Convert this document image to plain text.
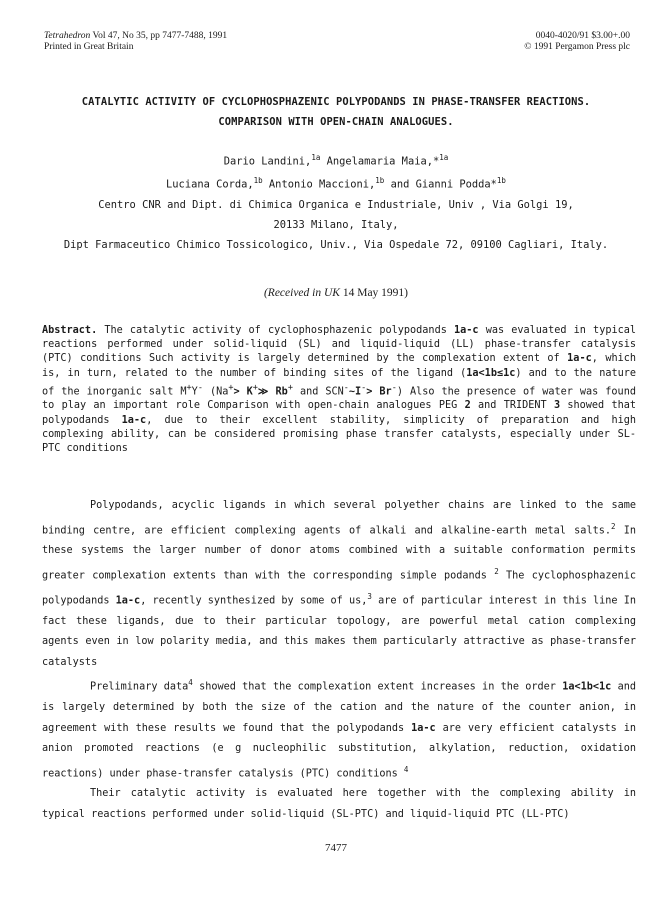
Tetrahedron Vol 47, No 35, pp 7477-7488, 1991
Printed in Great Britain
0040-4020/91 $3.00+.00
© 1991 Pergamon Press plc
CATALYTIC ACTIVITY OF CYCLOPHOSPHAZENIC POLYPODANDS IN PHASE-TRANSFER REACTIONS.
COMPARISON WITH OPEN-CHAIN ANALOGUES.
Dario Landini,$^{1a}$ Angelamaria Maia,*$^{1a}$
Luciana Corda,$^{1b}$ Antonio Maccioni,$^{1b}$ and Gianni Podda*$^{1b}$
Centro CNR and Dipt. di Chimica Organica e Industriale, Univ , Via Golgi 19,
20133 Milano, Italy,
Dipt Farmaceutico Chimico Tossicologico, Univ., Via Ospedale 72, 09100 Cagliari, Italy.
(Received in UK 14 May 1991)
Abstract. The catalytic activity of cyclophosphazenic polypodands 1a-c was evaluated in typical reactions performed under solid-liquid (SL) and liquid-liquid (LL) phase-transfer catalysis (PTC) conditions Such activity is largely determined by the complexation extent of 1a-c, which is, in turn, related to the number of binding sites of the ligand (1a<1b≤1c) and to the nature of the inorganic salt M+Y- (Na+> K+≫ Rb+ and SCN-∼I-> Br-) Also the presence of water was found to play an important role Comparison with open-chain analogues PEG 2 and TRIDENT 3 showed that polypodands 1a-c, due to their excellent stability, simplicity of preparation and high complexing ability, can be considered promising phase transfer catalysts, especially under SL-PTC conditions

Polypodands, acyclic ligands in which several polyether chains are linked to the same binding centre, are efficient complexing agents of alkali and alkaline-earth metal salts.$^2$ In these systems the larger number of donor atoms combined with a suitable conformation permits greater complexation extents than with the corresponding simple podands $^2$ The cyclophosphazenic polypodands 1a-c, recently synthesized by some of us,$^3$ are of particular interest in this line In fact these ligands, due to their particular topology, are powerful metal cation complexing agents even in low polarity media, and this makes them particularly attractive as phase-transfer catalysts

Preliminary data$^4$ showed that the complexation extent increases in the order 1a<1b<1c and is largely determined by both the size of the cation and the nature of the counter anion, in agreement with these results we found that the polypodands 1a-c are very efficient catalysts in anion promoted reactions (e g nucleophilic substitution, alkylation, reduction, oxidation reactions) under phase-transfer catalysis (PTC) conditions $^4$

Their catalytic activity is evaluated here together with the complexing ability in typical reactions performed under solid-liquid (SL-PTC) and liquid-liquid PTC (LL-PTC)

7477
